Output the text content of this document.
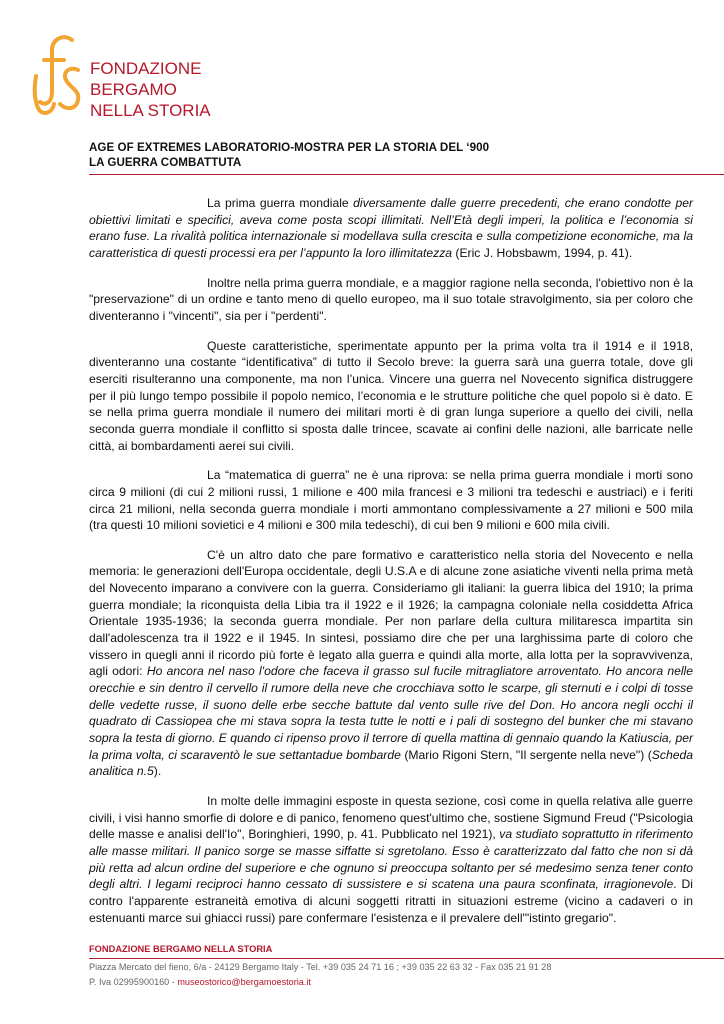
FONDAZIONE
BERGAMO
NELLA STORIA
AGE OF EXTREMES LABORATORIO-MOSTRA PER LA STORIA DEL ‘900
LA GUERRA COMBATTUTA

La prima guerra mondiale diversamente dalle guerre precedenti, che erano condotte per obiettivi limitati e specifici, aveva come posta scopi illimitati. Nell’Età degli imperi, la politica e l’economia si erano fuse. La rivalità politica internazionale si modellava sulla crescita e sulla competizione economiche, ma la caratteristica di questi processi era per l’appunto la loro illimitatezza (Eric J. Hobsbawm, 1994, p. 41).

Inoltre nella prima guerra mondiale, e a maggior ragione nella seconda, l'obiettivo non è la "preservazione" di un ordine e tanto meno di quello europeo, ma il suo totale stravolgimento, sia per coloro che diventeranno i "vincenti", sia per i "perdenti".

Queste caratteristiche, sperimentate appunto per la prima volta tra il 1914 e il 1918, diventeranno una costante “identificativa” di tutto il Secolo breve: la guerra sarà una guerra totale, dove gli eserciti risulteranno una componente, ma non l’unica. Vincere una guerra nel Novecento significa distruggere per il più lungo tempo possibile il popolo nemico, l’economia e le strutture politiche che quel popolo si è dato. E se nella prima guerra mondiale il numero dei militari morti è di gran lunga superiore a quello dei civili, nella seconda guerra mondiale il conflitto si sposta dalle trincee, scavate ai confini delle nazioni, alle barricate nelle città, ai bombardamenti aerei sui civili.

La “matematica di guerra” ne è una riprova: se nella prima guerra mondiale i morti sono circa 9 milioni (di cui 2 milioni russi, 1 milione e 400 mila francesi e 3 milioni tra tedeschi e austriaci) e i feriti circa 21 milioni, nella seconda guerra mondiale i morti ammontano complessivamente a 27 milioni e 500 mila (tra questi 10 milioni sovietici e 4 milioni e 300 mila tedeschi), di cui ben 9 milioni e 600 mila civili.

C'è un altro dato che pare formativo e caratteristico nella storia del Novecento e nella memoria: le generazioni dell'Europa occidentale, degli U.S.A e di alcune zone asiatiche viventi nella prima metà del Novecento imparano a convivere con la guerra. Consideriamo gli italiani: la guerra libica del 1910; la prima guerra mondiale; la riconquista della Libia tra il 1922 e il 1926; la campagna coloniale nella cosiddetta Africa Orientale 1935-1936; la seconda guerra mondiale. Per non parlare della cultura militaresca impartita sin dall'adolescenza tra il 1922 e il 1945. In sintesi, possiamo dire che per una larghissima parte di coloro che vissero in quegli anni il ricordo più forte è legato alla guerra e quindi alla morte, alla lotta per la sopravvivenza, agli odori: Ho ancora nel naso l'odore che faceva il grasso sul fucile mitragliatore arroventato. Ho ancora nelle orecchie e sin dentro il cervello il rumore della neve che crocchiava sotto le scarpe, gli sternuti e i colpi di tosse delle vedette russe, il suono delle erbe secche battute dal vento sulle rive del Don. Ho ancora negli occhi il quadrato di Cassiopea che mi stava sopra la testa tutte le notti e i pali di sostegno del bunker che mi stavano sopra la testa di giorno. E quando ci ripenso provo il terrore di quella mattina di gennaio quando la Katiuscia, per la prima volta, ci scaraventò le sue settantadue bombarde (Mario Rigoni Stern, "Il sergente nella neve") (Scheda analitica n.5).

In molte delle immagini esposte in questa sezione, così come in quella relativa alle guerre civili, i visi hanno smorfie di dolore e di panico, fenomeno quest'ultimo che, sostiene Sigmund Freud ("Psicologia delle masse e analisi dell'Io", Boringhieri, 1990, p. 41. Pubblicato nel 1921), va studiato soprattutto in riferimento alle masse militari. Il panico sorge se masse siffatte si sgretolano. Esso è caratterizzato dal fatto che non si dà più retta ad alcun ordine del superiore e che ognuno si preoccupa soltanto per sé medesimo senza tener conto degli altri. I legami reciproci hanno cessato di sussistere e si scatena una paura sconfinata, irragionevole. Di contro l'apparente estraneità emotiva di alcuni soggetti ritratti in situazioni estreme (vicino a cadaveri o in estenuanti marce sui ghiacci russi) pare confermare l'esistenza e il prevalere dell'"istinto gregario".

FONDAZIONE BERGAMO NELLA STORIA
Piazza Mercato del fieno, 6/a - 24129 Bergamo Italy - Tel. +39 035 24 71 16 ; +39 035 22 63 32 - Fax 035 21 91 28
P. Iva 02995900160 - museostorico@bergamoestoria.it
